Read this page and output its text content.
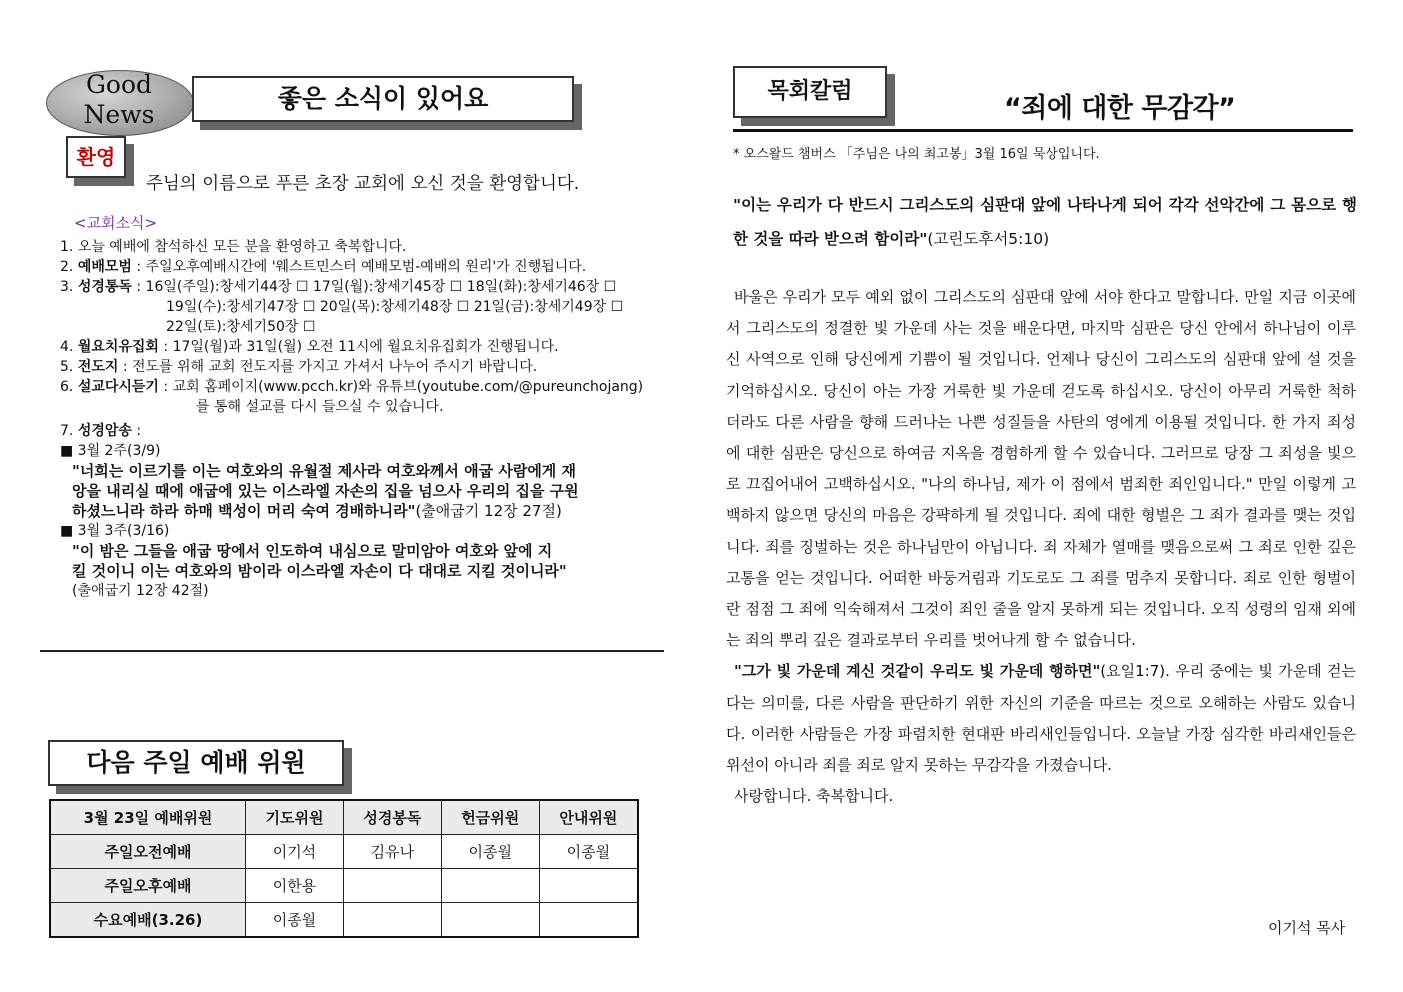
Good
News
좋은 소식이 있어요
환영
주님의 이름으로 푸른 초장 교회에 오신 것을 환영합니다.
<교회소식>
1. 오늘 예배에 참석하신 모든 분을 환영하고 축복합니다.
2. 예배모범 : 주일오후예배시간에 '웨스트민스터 예배모범-예배의 원리'가 진행됩니다.
3. 성경통독 : 16일(주일):창세기44장 ☐ 17일(월):창세기45장 ☐ 18일(화):창세기46장 ☐
19일(수):창세기47장 ☐ 20일(목):창세기48장 ☐ 21일(금):창세기49장 ☐
22일(토):창세기50장 ☐
4. 월요치유집회 : 17일(월)과 31일(월) 오전 11시에 월요치유집회가 진행됩니다.
5. 전도지 : 전도를 위해 교회 전도지를 가지고 가셔서 나누어 주시기 바랍니다.
6. 설교다시듣기 : 교회 홈페이지(www.pcch.kr)와 유튜브(youtube.com/@pureunchojang)
를 통해 설교를 다시 들으실 수 있습니다.
7. 성경암송 :
■ 3월 2주(3/9)
"너희는 이르기를 이는 여호와의 유월절 제사라 여호와께서 애굽 사람에게 재
앙을 내리실 때에 애굽에 있는 이스라엘 자손의 집을 넘으사 우리의 집을 구원
하셨느니라 하라 하매 백성이 머리 숙여 경배하니라"(출애굽기 12장 27절)
■ 3월 3주(3/16)
"이 밤은 그들을 애굽 땅에서 인도하여 내심으로 말미암아 여호와 앞에 지
킬 것이니 이는 여호와의 밤이라 이스라엘 자손이 다 대대로 지킬 것이니라"
(출애굽기 12장 42절)
다음 주일 예배 위원
3월 23일 예배위원	기도위원	성경봉독	헌금위원	안내위원
주일오전예배	이기석	김유나	이종월	이종월
주일오후예배	이한용			
수요예배(3.26)	이종월			
목회칼럼
“죄에 대한 무감각”
* 오스왈드 챔버스 「주님은 나의 최고봉」3월 16일 묵상입니다.
"이는 우리가 다 반드시 그리스도의 심판대 앞에 나타나게 되어 각각 선악간에 그 몸으로 행한 것을 따라 받으려 함이라"(고린도후서5:10)
바울은 우리가 모두 예외 없이 그리스도의 심판대 앞에 서야 한다고 말합니다. 만일 지금 이곳에서 그리스도의 정결한 빛 가운데 사는 것을 배운다면, 마지막 심판은 당신 안에서 하나님이 이루신 사역으로 인해 당신에게 기쁨이 될 것입니다. 언제나 당신이 그리스도의 심판대 앞에 설 것을 기억하십시오. 당신이 아는 가장 거룩한 빛 가운데 걷도록 하십시오. 당신이 아무리 거룩한 척하더라도 다른 사람을 향해 드러나는 나쁜 성질들을 사탄의 영에게 이용될 것입니다. 한 가지 죄성에 대한 심판은 당신으로 하여금 지옥을 경험하게 할 수 있습니다. 그러므로 당장 그 죄성을 빛으로 끄집어내어 고백하십시오. "나의 하나님, 제가 이 점에서 범죄한 죄인입니다." 만일 이렇게 고백하지 않으면 당신의 마음은 강퍅하게 될 것입니다. 죄에 대한 형벌은 그 죄가 결과를 맺는 것입니다. 죄를 징벌하는 것은 하나님만이 아닙니다. 죄 자체가 열매를 맺음으로써 그 죄로 인한 깊은 고통을 얻는 것입니다. 어떠한 바둥거림과 기도로도 그 죄를 멈추지 못합니다. 죄로 인한 형벌이란 점점 그 죄에 익숙해져서 그것이 죄인 줄을 알지 못하게 되는 것입니다. 오직 성령의 임재 외에는 죄의 뿌리 깊은 결과로부터 우리를 벗어나게 할 수 없습니다.
"그가 빛 가운데 계신 것같이 우리도 빛 가운데 행하면"(요일1:7). 우리 중에는 빛 가운데 걷는다는 의미를, 다른 사람을 판단하기 위한 자신의 기준을 따르는 것으로 오해하는 사람도 있습니다. 이러한 사람들은 가장 파렴치한 현대판 바리새인들입니다. 오늘날 가장 심각한 바리새인들은 위선이 아니라 죄를 죄로 알지 못하는 무감각을 가졌습니다.
사랑합니다. 축복합니다.
이기석 목사
